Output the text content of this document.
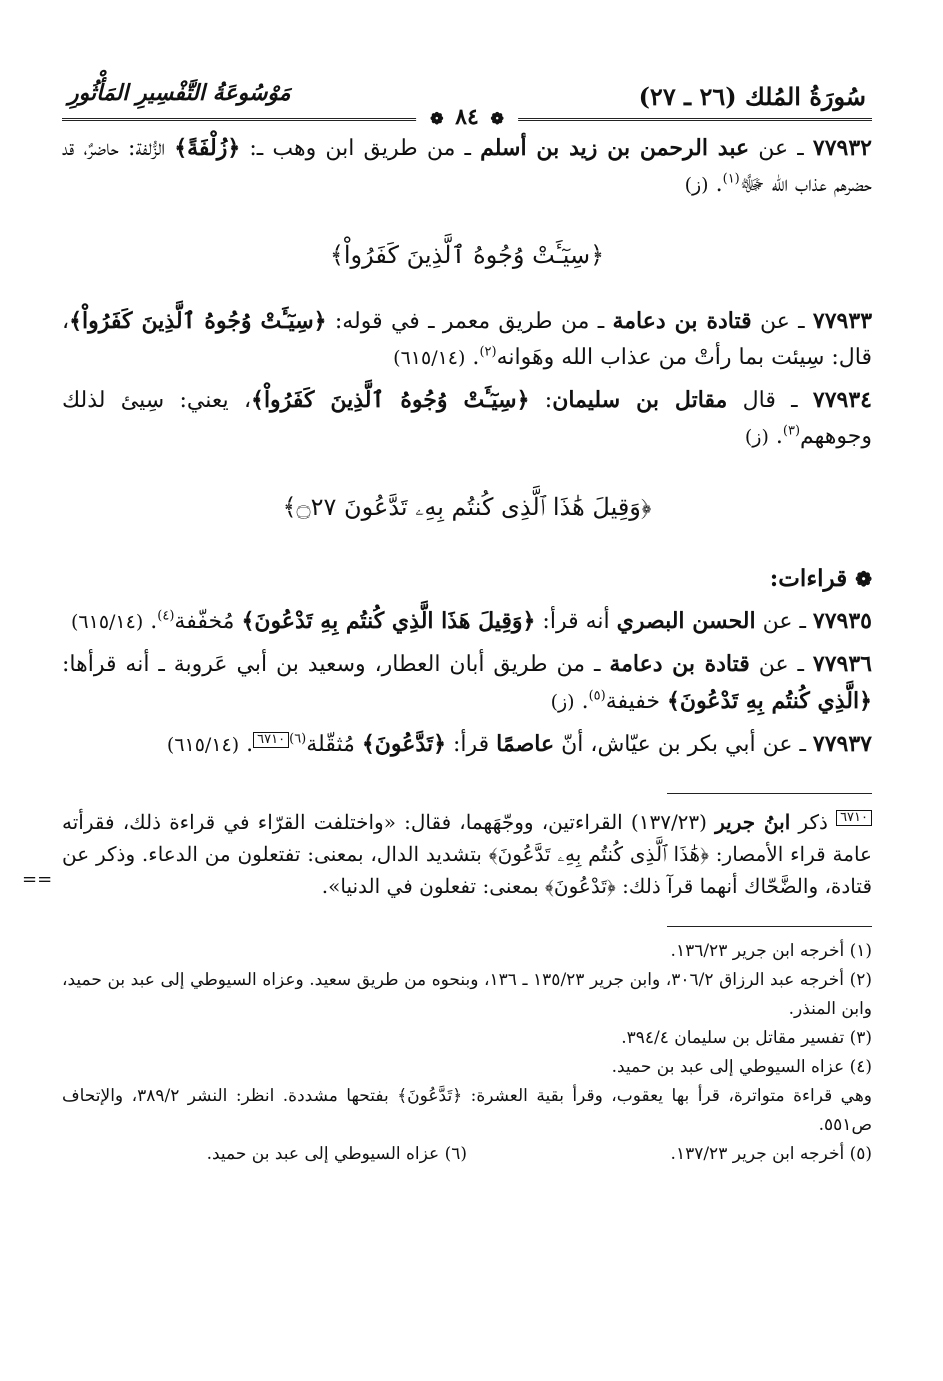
سُورَةُ المُلك (٢٦ ـ ٢٧)
مَوْسُوعَةُ التَّفْسِيرِ المَأْثُورِ
❁ ٨٤ ❁

٧٧٩٣٢ ـ عن عبد الرحمن بن زيد بن أسلم ـ من طريق ابن وهب ـ: ﴿زُلْفَةً﴾ الزُّلفة: حاضرٌ، قد حضرهم عذاب الله ﷻ$^{(١)}$. (ز)

﴿سِيٓـَٔتْ وُجُوهُ ٱلَّذِينَ كَفَرُواْ﴾

٧٧٩٣٣ ـ عن قتادة بن دعامة ـ من طريق معمر ـ في قوله: ﴿سِيٓـَٔتْ وُجُوهُ ٱلَّذِينَ كَفَرُواْ﴾، قال: سِيئت بما رأتْ من عذاب الله وهَوانه$^{(٢)}$. (٦١٥/١٤)

٧٧٩٣٤ ـ قال مقاتل بن سليمان: ﴿سِيٓـَٔتْ وُجُوهُ ٱلَّذِينَ كَفَرُواْ﴾، يعني: سِيئ لذلك وجوههم$^{(٣)}$. (ز)

﴿وَقِيلَ هَٰذَا ٱلَّذِى كُنتُم بِهِۦ تَدَّعُونَ ۝٢٧﴾
❁ قراءات:

٧٧٩٣٥ ـ عن الحسن البصري أنه قرأ: ﴿وَقِيلَ هَذَا الَّذِي كُنتُم بِهِ تَدْعُونَ﴾ مُخفّفة$^{(٤)}$. (٦١٥/١٤)

٧٧٩٣٦ ـ عن قتادة بن دعامة ـ من طريق أبان العطار، وسعيد بن أبي عَروبة ـ أنه قرأها: ﴿الَّذِي كُنتُم بِهِ تَدْعُونَ﴾ خفيفة$^{(٥)}$. (ز)

٧٧٩٣٧ ـ عن أبي بكر بن عيّاش، أنّ عاصمًا قرأ: ﴿تَدَّعُونَ﴾ مُثقّلة$^{(٦)}$٦٧١٠. (٦١٥/١٤)

٦٧١٠ ذكر ابنُ جرير (١٣٧/٢٣) القراءتين، ووجّهَهما، فقال: «واختلفت القرّاء في قراءة ذلك، فقرأته عامة قراء الأمصار: ﴿هَٰذَا ٱلَّذِى كُنتُم بِهِۦ تَدَّعُونَ﴾ بتشديد الدال، بمعنى: تفتعلون من الدعاء. وذكر عن قتادة، والضَّحّاك أنهما قرآ ذلك: ﴿تَدْعُونَ﴾ بمعنى: تفعلون في الدنيا».
==

(١) أخرجه ابن جرير ١٣٦/٢٣.

(٢) أخرجه عبد الرزاق ٣٠٦/٢، وابن جرير ١٣٥/٢٣ ـ ١٣٦، وبنحوه من طريق سعيد. وعزاه السيوطي إلى عبد بن حميد، وابن المنذر.

(٣) تفسير مقاتل بن سليمان ٣٩٤/٤.

(٤) عزاه السيوطي إلى عبد بن حميد.

وهي قراءة متواترة، قرأ بها يعقوب، وقرأ بقية العشرة: ﴿تَدَّعُونَ﴾ بفتحها مشددة. انظر: النشر ٣٨٩/٢، والإتحاف ص٥٥١.

(٥) أخرجه ابن جرير ١٣٧/٢٣.

(٦) عزاه السيوطي إلى عبد بن حميد.
